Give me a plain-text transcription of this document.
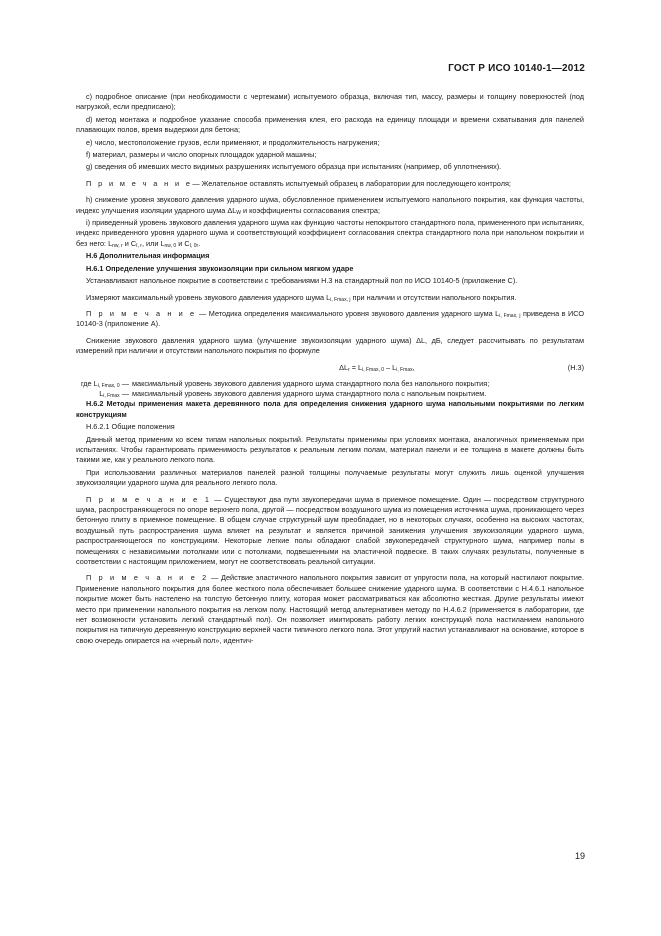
ГОСТ Р ИСО 10140-1—2012

c) подробное описание (при необходимости с чертежами) испытуемого образца, включая тип, массу, размеры и толщину поверхностей (под нагрузкой, если предписано);

d) метод монтажа и подробное указание способа применения клея, его расхода на единицу площади и времени схватывания для панелей плавающих полов, время выдержки для бетона;

e) число, местоположение грузов, если применяют, и продолжительность нагружения;

f) материал, размеры и число опорных площадок ударной машины;

g) сведения об имевших место видимых разрушениях испытуемого образца при испытаниях (например, об уплотнениях).

П р и м е ч а н и е— Желательное оставлять испытуемый образец в лаборатории для последующего контроля;

h) снижение уровня звукового давления ударного шума, обусловленное применением испытуемого напольного покрытия, как функция частоты, индекс улучшения изоляции ударного шума $\Delta L_W$ и коэффициенты согласования спектра;

i) приведенный уровень звукового давления ударного шума как функцию частоты непокрытого стандартного пола, примененного при испытаниях, индекс приведенного уровня ударного шума и соответствующий коэффициент согласования спектра стандартного пола при напольном покрытии и без него: $L_{nw, r}$ и $C_{I, r}$, или $L_{nw, 0}$ и $C_{I, 0r}$.

Н.6 Дополнительная информация

Н.6.1 Определение улучшения звукоизоляции при сильном мягком ударе

Устанавливают напольное покрытие в соответствии с требованиями Н.3 на стандартный пол по ИСО 10140-5 (приложение С).

Измеряют максимальный уровень звукового давления ударного шума $L_{i, Fmax, j}$ при наличии и отсутствии напольного покрытия.

П р и м е ч а н и е — Методика определения максимального уровня звукового давления ударного шума $L_{i, Fmax, j}$ приведена в ИСО 10140-3 (приложение А).

Снижение звукового давления ударного шума (улучшение звукоизоляции ударного шума) ΔL, дБ, следует рассчитывать по результатам измерений при наличии и отсутствии напольного покрытия по формуле

$\Delta L_r = L_{i, Fmax, 0} - L_{i, Fmax}$,	(Н.3)
где $L_{i, Fmax, 0}$ — максимальный уровень звукового давления ударного шума стандартного пола без напольного покрытия;
$L_{i, Fmax}$ — максимальный уровень звукового давления ударного шума стандартного пола с напольным покрытием.

Н.6.2 Методы применения макета деревянного пола для определения снижения ударного шума напольными покрытиями по легким конструкциям

Н.6.2.1 Общие положения

Данный метод применим ко всем типам напольных покрытий. Результаты применимы при условиях монтажа, аналогичных применяемым при испытаниях. Чтобы гарантировать применимость результатов к реальным легким полам, материал панели и ее толщина в макете должны быть такими же, как у реального легкого пола.

При использовании различных материалов панелей разной толщины получаемые результаты могут служить лишь оценкой улучшения звукоизоляции ударного шума для реального легкого пола.

П р и м е ч а н и е 1 — Существуют два пути звукопередачи шума в приемное помещение. Один — посредством структурного шума, распространяющегося по опоре верхнего пола, другой — посредством воздушного шума из помещения источника шума, проникающего через бетонную плиту в приемное помещение. В общем случае структурный шум преобладает, но в некоторых случаях, особенно на высоких частотах, воздушный путь распространения шума влияет на результат и является причиной занижения улучшения звукоизоляции ударного шума, распространяющегося по конструкциям. Некоторые легкие полы обладают слабой звукопередачей структурного шума, например полы в помещениях с независимыми потолками или с потолками, подвешенными на эластичной подвеске. В таких случаях результаты, полученные в соответствии с настоящим приложением, могут не соответствовать реальной ситуации.

П р и м е ч а н и е 2 — Действие эластичного напольного покрытия зависит от упругости пола, на который настилают покрытие. Применение напольного покрытия для более жесткого пола обеспечивает большее снижение ударного шума. В соответствии с Н.4.6.1 напольное покрытие может быть настелено на толстую бетонную плиту, которая может рассматриваться как абсолютно жесткая. Другие результаты имеют место при применении напольного покрытия на легком полу. Настоящий метод альтернативен методу по Н.4.6.2 (применяется в лаборатории, где нет возможности установить легкий стандартный пол). Он позволяет имитировать работу легких конструкций пола настиланием напольного покрытия на типичную деревянную конструкцию верхней части типичного легкого пола. Этот упругий настил устанавливают на основание, которое в свою очередь опирается на «черный пол», идентич-

19
